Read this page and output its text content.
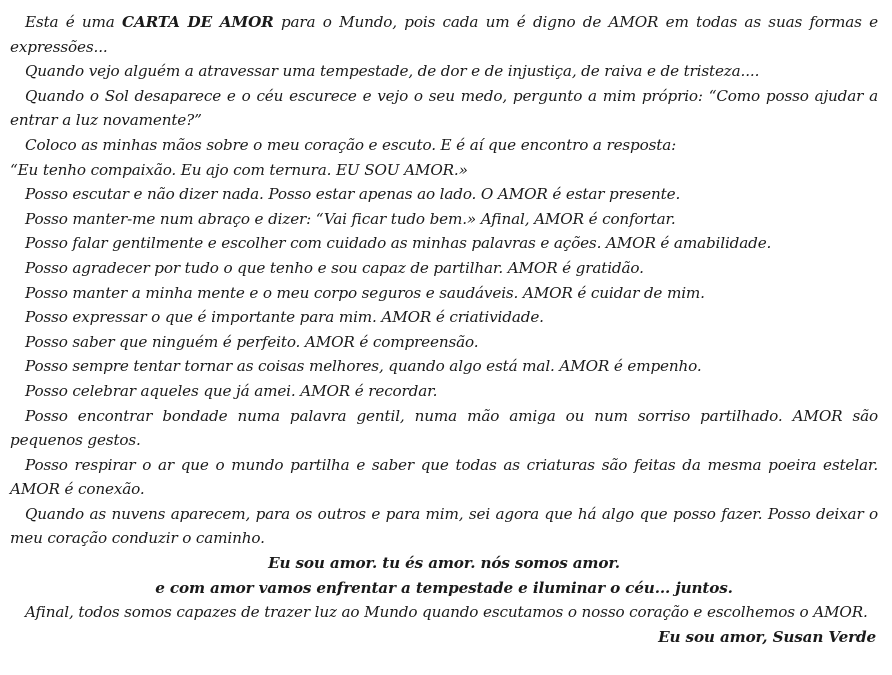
Esta é uma CARTA DE AMOR para o Mundo, pois cada um é digno de AMOR em todas as suas formas e expressões...

Quando vejo alguém a atravessar uma tempestade, de dor e de injustiça, de raiva e de tristeza....

Quando o Sol desaparece e o céu escurece e vejo o seu medo, pergunto a mim próprio: “Como posso ajudar a entrar a luz novamente?”

Coloco as minhas mãos sobre o meu coração e escuto. E é aí que encontro a resposta:

“Eu tenho compaixão. Eu ajo com ternura. EU SOU AMOR.»

Posso escutar e não dizer nada. Posso estar apenas ao lado. O AMOR é estar presente.

Posso manter-me num abraço e dizer: “Vai ficar tudo bem.» Afinal, AMOR é confortar.

Posso falar gentilmente e escolher com cuidado as minhas palavras e ações. AMOR é amabilidade.

Posso agradecer por tudo o que tenho e sou capaz de partilhar. AMOR é gratidão.

Posso manter a minha mente e o meu corpo seguros e saudáveis. AMOR é cuidar de mim.

Posso expressar o que é importante para mim. AMOR é criatividade.

Posso saber que ninguém é perfeito. AMOR é compreensão.

Posso sempre tentar tornar as coisas melhores, quando algo está mal. AMOR é empenho.

Posso celebrar aqueles que já amei. AMOR é recordar.

Posso encontrar bondade numa palavra gentil, numa mão amiga ou num sorriso partilhado. AMOR são pequenos gestos.

Posso respirar o ar que o mundo partilha e saber que todas as criaturas são feitas da mesma poeira estelar. AMOR é conexão.

Quando as nuvens aparecem, para os outros e para mim, sei agora que há algo que posso fazer. Posso deixar o meu coração conduzir o caminho.

Eu sou amor. tu és amor. nós somos amor.

e com amor vamos enfrentar a tempestade e iluminar o céu... juntos.

Afinal, todos somos capazes de trazer luz ao Mundo quando escutamos o nosso coração e escolhemos o AMOR.

Eu sou amor, Susan Verde
